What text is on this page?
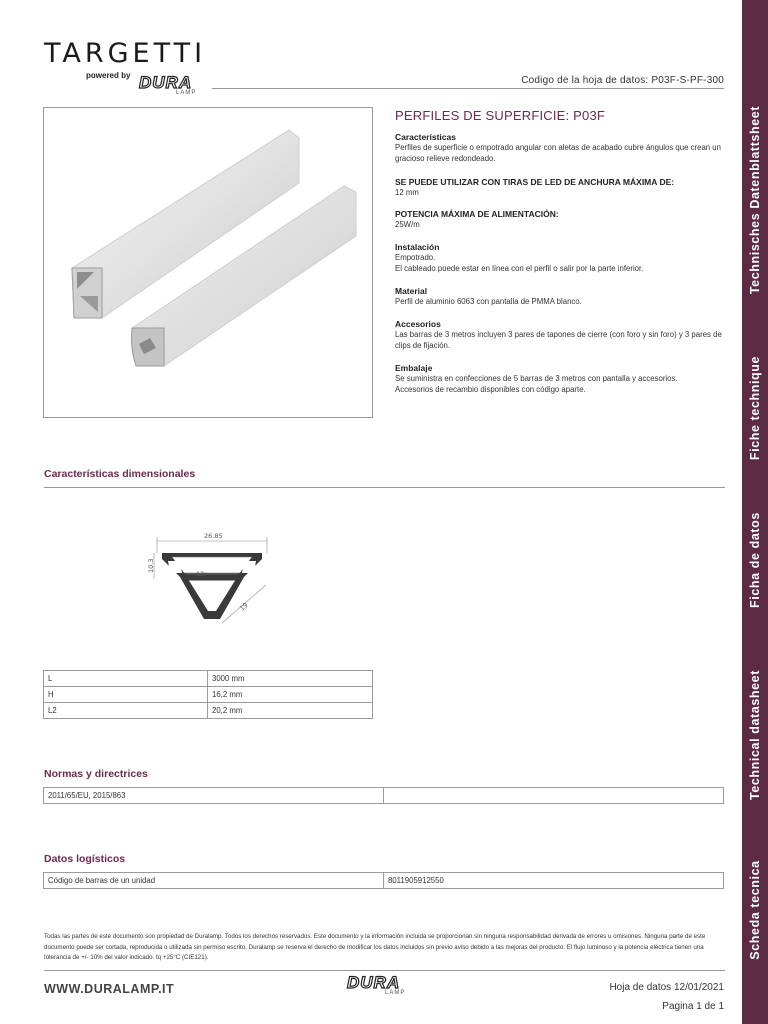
Technisches Datenblattsheet
Fiche technique
Ficha de datos
Technical datasheet
Scheda tecnica
TARGETTI
powered by DURA
LAMP
Codigo de la hoja de datos: P03F-S-PF-300
PERFILES DE SUPERFICIE: P03F
Características

Perfiles de superficie o empotrado angular con aletas de acabado cubre ángulos que crean un gracioso relieve redondeado.

SE PUEDE UTILIZAR CON TIRAS DE LED DE ANCHURA MÁXIMA DE:

12 mm

POTENCIA MÁXIMA DE ALIMENTACIÓN:

25W/m

Instalación

Empotrado.

El cableado puede estar en línea con el perfil o salir por la parte inferior.

Material

Perfil de aluminio 6063 con pantalla de PMMA blanco.

Accesorios

Las barras de 3 metros incluyen 3 pares de tapones de cierre (con foro y sin foro) y 3 pares de clips de fijación.

Embalaje

Se suministra en confecciones de 5 barras de 3 metros con pantalla y accesorios.

Accesorios de recambio disponibles con código aparte.

Características dimensionales
26.85
10.3
12
19
L	3000 mm
H	16,2 mm
L2	20,2 mm
Normas y directrices
2011/65/EU, 2015/863	
Datos logísticos
Código de barras de un unidad	8011905912550
Todas las partes de este documento son propiedad de Duralamp. Todos los derechos reservados. Este documento y la información incluida se proporcionan sin ninguna responsabilidad derivada de errores u omisiones. Ninguna parte de este documento puede ser cortada, reproducida o utilizada sin permiso escrito. Duralamp se reserva el derecho de modificar los datos incluidos sin previo aviso debido a las mejoras del producto. El flujo luminoso y la potencia eléctrica tienen una tolerancia de +/- 10% del valor indicado. tq +25°C (CIE121).
WWW.DURALAMP.IT	DURA
LAMP	Hoja de datos 12/01/2021
Pagina 1 de 1
